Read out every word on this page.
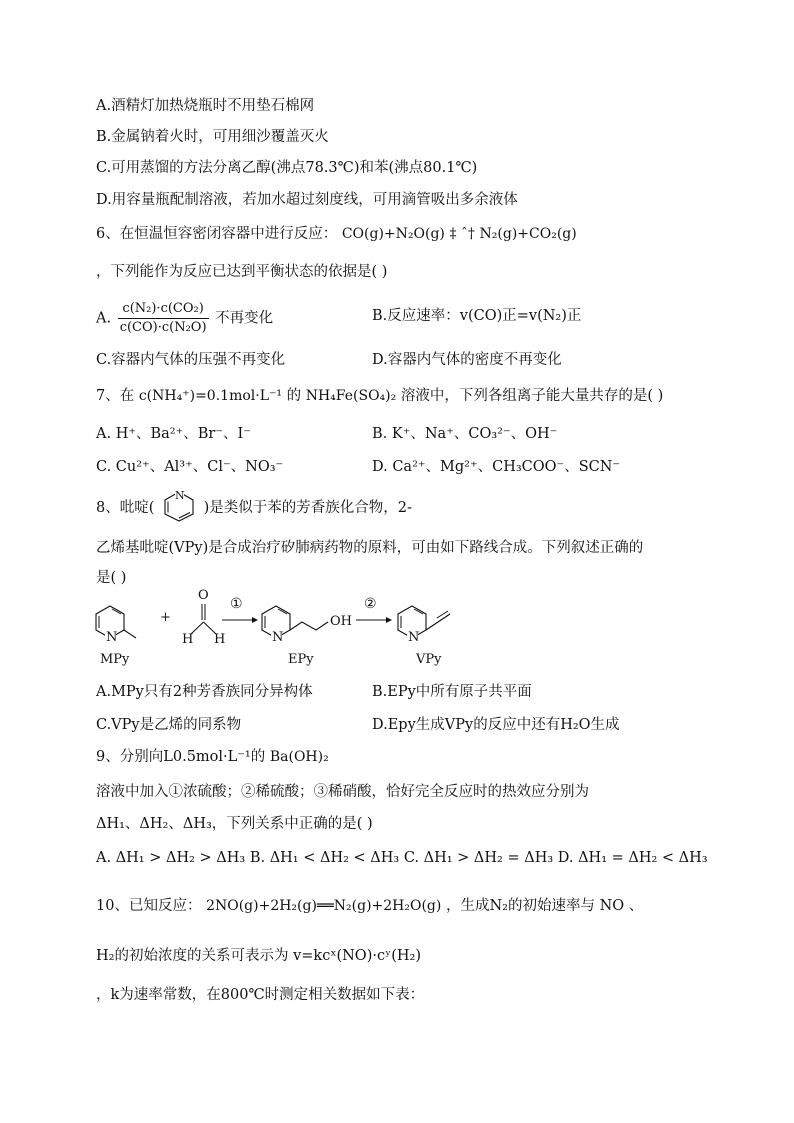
A.酒精灯加热烧瓶时不用垫石棉网
B.金属钠着火时，可用细沙覆盖灭火
C.可用蒸馏的方法分离乙醇(沸点78.3℃)和苯(沸点80.1℃)
D.用容量瓶配制溶液，若加水超过刻度线，可用滴管吸出多余液体
6、在恒温恒容密闭容器中进行反应： CO(g)+N₂O(g) ‡ ˆ† N₂(g)+CO₂(g)
，下列能作为反应已达到平衡状态的依据是( )
A. $\frac{\text{c(N₂)·c(CO₂)}}{\text{c(CO)·c(N₂O)}}$ 不再变化	B.反应速率：v(CO)正=v(N₂)正
C.容器内气体的压强不再变化	D.容器内气体的密度不再变化
7、在 c(NH₄⁺)=0.1mol·L⁻¹ 的 NH₄Fe(SO₄)₂ 溶液中，下列各组离子能大量共存的是( )
A. H⁺、Ba²⁺、Br⁻、I⁻	B. K⁺、Na⁺、CO₃²⁻、OH⁻
C. Cu²⁺、Al³⁺、Cl⁻、NO₃⁻	D. Ca²⁺、Mg²⁺、CH₃COO⁻、SCN⁻
8、吡啶(
N
)是类似于苯的芳香族化合物，2-
乙烯基吡啶(VPy)是合成治疗矽肺病药物的原料，可由如下路线合成。下列叙述正确的
是( )
N
+
O
H H
①
N
OH
②
N
MPy	EPy	VPy
A.MPy只有2种芳香族同分异构体	B.EPy中所有原子共平面
C.VPy是乙烯的同系物	D.Epy生成VPy的反应中还有H₂O生成
9、分别向L0.5mol·L⁻¹的 Ba(OH)₂
溶液中加入①浓硫酸；②稀硫酸；③稀硝酸，恰好完全反应时的热效应分别为
ΔH₁、ΔH₂、ΔH₃，下列关系中正确的是( )
A. ΔH₁ > ΔH₂ > ΔH₃ B. ΔH₁ < ΔH₂ < ΔH₃ C. ΔH₁ > ΔH₂ = ΔH₃ D. ΔH₁ = ΔH₂ < ΔH₃
10、已知反应： 2NO(g)+2H₂(g)══N₂(g)+2H₂O(g) ，生成N₂的初始速率与 NO 、
H₂的初始浓度的关系可表示为 v=kcˣ(NO)·cʸ(H₂)
，k为速率常数，在800℃时测定相关数据如下表：
